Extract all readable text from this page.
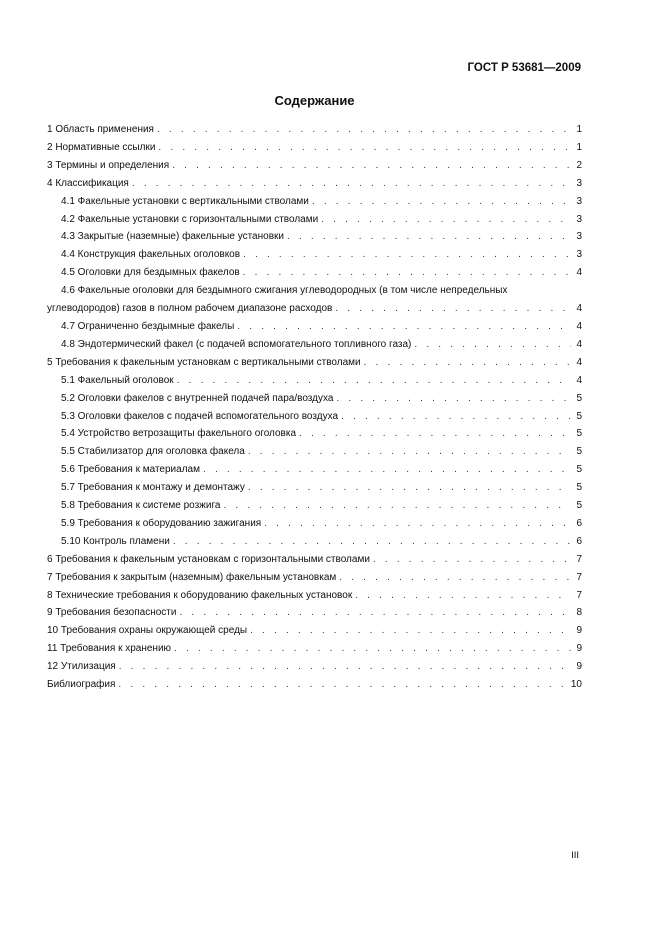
ГОСТ Р 53681—2009
Содержание
1 Область применения . . .	1
2 Нормативные ссылки . . .	1
3 Термины и определения . . .	2
4 Классификация . . .	3
4.1 Факельные установки с вертикальными стволами . . .	3
4.2 Факельные установки с горизонтальными стволами . . .	3
4.3 Закрытые (наземные) факельные установки . . .	3
4.4 Конструкция факельных оголовков . . .	3
4.5 Оголовки для бездымных факелов . . .	4
4.6 Факельные оголовки для бездымного сжигания углеводородных (в том числе непредельных
углеводородов) газов в полном рабочем диапазоне расходов . . .	4
4.7 Ограниченно бездымные факелы . . .	4
4.8 Эндотермический факел (с подачей вспомогательного топливного газа) . . .	4
5 Требования к факельным установкам с вертикальными стволами . . .	4
5.1 Факельный оголовок . . .	4
5.2 Оголовки факелов с внутренней подачей пара/воздуха . . .	5
5.3 Оголовки факелов с подачей вспомогательного воздуха . . .	5
5.4 Устройство ветрозащиты факельного оголовка . . .	5
5.5 Стабилизатор для оголовка факела . . .	5
5.6 Требования к материалам . . .	5
5.7 Требования к монтажу и демонтажу . . .	5
5.8 Требования к системе розжига . . .	5
5.9 Требования к оборудованию зажигания . . .	6
5.10 Контроль пламени . . .	6
6 Требования к факельным установкам с горизонтальными стволами . . .	7
7 Требования к закрытым (наземным) факельным установкам . . .	7
8 Технические требования к оборудованию факельных установок . . .	7
9 Требования безопасности . . .	8
10 Требования охраны окружающей среды . . .	9
11 Требования к хранению . . .	9
12 Утилизация . . .	9
Библиография . . .	10
III
